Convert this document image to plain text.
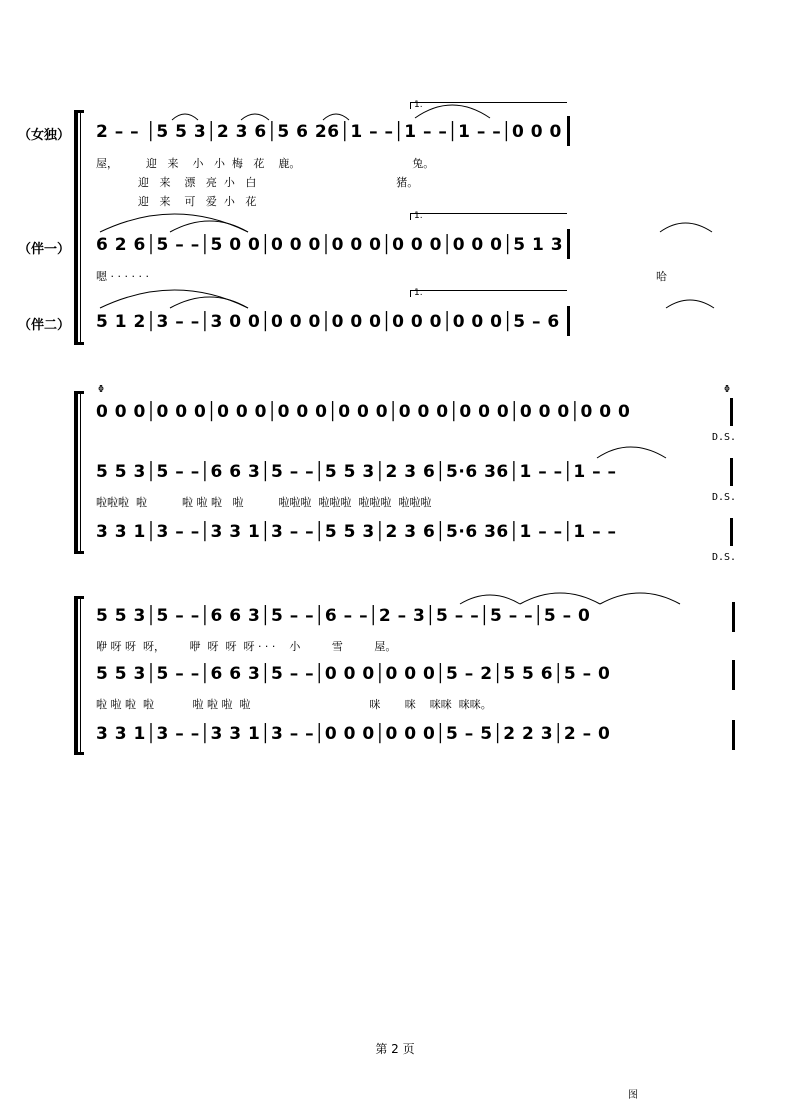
（女独）
（伴一）
（伴二）
1.
1.
1.
2 – – │5 5 3│2 3 6│5 6 26│1 – –│1 – –│1 – –│0 0 0
屋，        迎   来    小   小  梅   花    鹿。                                兔。
迎   来    漂   亮  小   白                                        猪。
迎   来    可   爱  小   花
6 2 6│5 – –│5 0 0│0 0 0│0 0 0│0 0 0│0 0 0│5 1 3
嗯 · · · · · ·	哈
5 1 2│3 – –│3 0 0│0 0 0│0 0 0│0 0 0│0 0 0│5 – 6
Φ	Φ
0 0 0│0 0 0│0 0 0│0 0 0│0 0 0│0 0 0│0 0 0│0 0 0│0 0 0
D.S.
5 5 3│5 – –│6 6 3│5 – –│5 5 3│2 3 6│5·6 36│1 – –│1 – –
啦啦啦  啦          啦 啦 啦   啦          啦啦啦  啦啦啦  啦啦啦  啦啦啦	D.S.
3 3 1│3 – –│3 3 1│3 – –│5 5 3│2 3 6│5·6 36│1 – –│1 – –
D.S.
5 5 3│5 – –│6 6 3│5 – –│6 – –│2 – 3│5 – –│5 – –│5 – 0
咿 呀 呀  呀，       咿  呀  呀  呀 · · ·    小         雪         屋。
5 5 3│5 – –│6 6 3│5 – –│0 0 0│0 0 0│5 – 2│5 5 6│5 – 0
啦 啦 啦  啦           啦 啦 啦  啦                                  咪       咪    咪咪  咪咪。
3 3 1│3 – –│3 3 1│3 – –│0 0 0│0 0 0│5 – 5│2 2 3│2 – 0
第 2 页
图
